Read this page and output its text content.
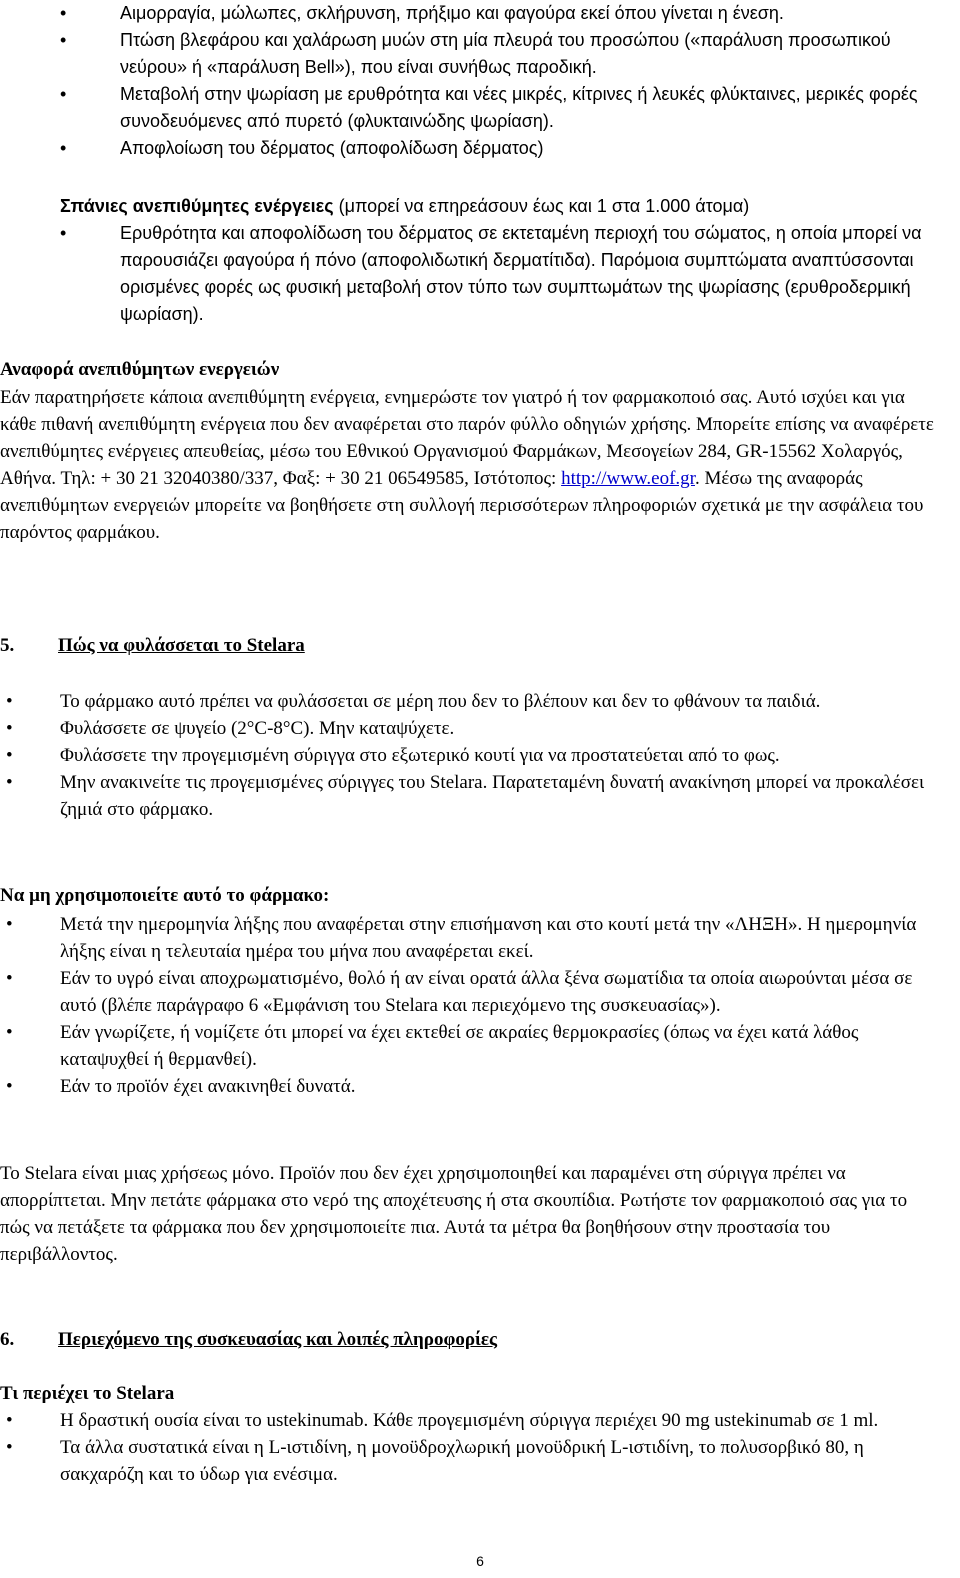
•	Αιμορραγία, μώλωπες, σκλήρυνση, πρήξιμο και φαγούρα εκεί όπου γίνεται η ένεση.
•	Πτώση βλεφάρου και χαλάρωση μυών στη μία πλευρά του προσώπου («παράλυση προσωπικού νεύρου» ή «παράλυση Bell»), που είναι συνήθως παροδική.
•	Μεταβολή στην ψωρίαση με ερυθρότητα και νέες μικρές, κίτρινες ή λευκές φλύκταινες, μερικές φορές συνοδευόμενες από πυρετό (φλυκταινώδης ψωρίαση).
•	Αποφλοίωση του δέρματος (αποφολίδωση δέρματος)
Σπάνιες ανεπιθύμητες ενέργειες (μπορεί να επηρεάσουν έως και 1 στα 1.000 άτομα)
•	Ερυθρότητα και αποφολίδωση του δέρματος σε εκτεταμένη περιοχή του σώματος, η οποία μπορεί να παρουσιάζει φαγούρα ή πόνο (αποφολιδωτική δερματίτιδα). Παρόμοια συμπτώματα αναπτύσσονται ορισμένες φορές ως φυσική μεταβολή στον τύπο των συμπτωμάτων της ψωρίασης (ερυθροδερμική ψωρίαση).
Αναφορά ανεπιθύμητων ενεργειών
Εάν παρατηρήσετε κάποια ανεπιθύμητη ενέργεια, ενημερώστε τον γιατρό ή τον φαρμακοποιό σας. Αυτό ισχύει και για κάθε πιθανή ανεπιθύμητη ενέργεια που δεν αναφέρεται στο παρόν φύλλο οδηγιών χρήσης. Μπορείτε επίσης να αναφέρετε ανεπιθύμητες ενέργειες απευθείας, μέσω του Εθνικού Οργανισμού Φαρμάκων, Μεσογείων 284, GR-15562 Χολαργός, Αθήνα. Τηλ: + 30 21 32040380/337, Φαξ: + 30 21 06549585, Ιστότοπος: http://www.eof.gr. Μέσω της αναφοράς ανεπιθύμητων ενεργειών μπορείτε να βοηθήσετε στη συλλογή περισσότερων πληροφοριών σχετικά με την ασφάλεια του παρόντος φαρμάκου.
5. Πώς να φυλάσσεται το Stelara
• Το φάρμακο αυτό πρέπει να φυλάσσεται σε μέρη που δεν το βλέπουν και δεν το φθάνουν τα παιδιά.
• Φυλάσσετε σε ψυγείο (2°C-8°C). Μην καταψύχετε.
• Φυλάσσετε την προγεμισμένη σύριγγα στο εξωτερικό κουτί για να προστατεύεται από το φως.
• Μην ανακινείτε τις προγεμισμένες σύριγγες του Stelara. Παρατεταμένη δυνατή ανακίνηση μπορεί να προκαλέσει ζημιά στο φάρμακο.
Να μη χρησιμοποιείτε αυτό το φάρμακο:
• Μετά την ημερομηνία λήξης που αναφέρεται στην επισήμανση και στο κουτί μετά την «ΛΗΞΗ». Η ημερομηνία λήξης είναι η τελευταία ημέρα του μήνα που αναφέρεται εκεί.
• Εάν το υγρό είναι αποχρωματισμένο, θολό ή αν είναι ορατά άλλα ξένα σωματίδια τα οποία αιωρούνται μέσα σε αυτό (βλέπε παράγραφο 6 «Εμφάνιση του Stelara και περιεχόμενο της συσκευασίας»).
• Εάν γνωρίζετε, ή νομίζετε ότι μπορεί να έχει εκτεθεί σε ακραίες θερμοκρασίες (όπως να έχει κατά λάθος καταψυχθεί ή θερμανθεί).
• Εάν το προϊόν έχει ανακινηθεί δυνατά.
Το Stelara είναι μιας χρήσεως μόνο. Προϊόν που δεν έχει χρησιμοποιηθεί και παραμένει στη σύριγγα πρέπει να απορρίπτεται. Μην πετάτε φάρμακα στο νερό της αποχέτευσης ή στα σκουπίδια. Ρωτήστε τον φαρμακοποιό σας για το πώς να πετάξετε τα φάρμακα που δεν χρησιμοποιείτε πια. Αυτά τα μέτρα θα βοηθήσουν στην προστασία του περιβάλλοντος.
6. Περιεχόμενο της συσκευασίας και λοιπές πληροφορίες
Τι περιέχει το Stelara
• Η δραστική ουσία είναι το ustekinumab. Κάθε προγεμισμένη σύριγγα περιέχει 90 mg ustekinumab σε 1 ml.
• Τα άλλα συστατικά είναι η L-ιστιδίνη, η μονοϋδροχλωρική μονοϋδρική L-ιστιδίνη, το πολυσορβικό 80, η σακχαρόζη και το ύδωρ για ενέσιμα.
6
